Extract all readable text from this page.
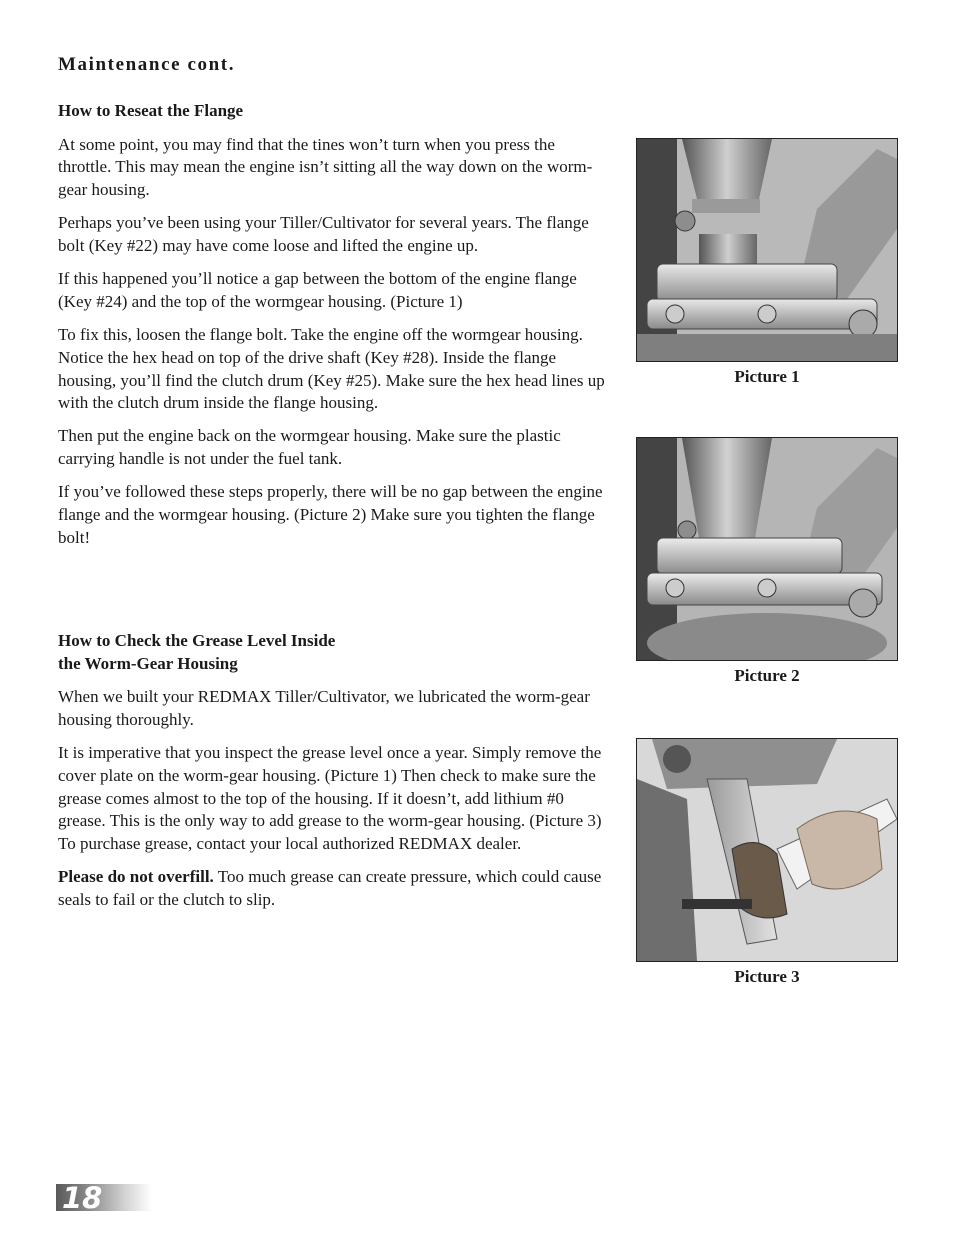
Maintenance cont.
How to Reseat the Flange

At some point, you may find that the tines won’t turn when you press the throttle. This may mean the engine isn’t sitting all the way down on the worm-gear housing.

Perhaps you’ve been using your Tiller/Cultivator for several years. The flange bolt (Key #22) may have come loose and lifted the engine up.

If this happened you’ll notice a gap between the bottom of the engine flange (Key #24) and the top of the wormgear housing. (Picture 1)

To fix this, loosen the flange bolt. Take the engine off the wormgear housing. Notice the hex head on top of the drive shaft (Key #28). Inside the flange housing, you’ll find the clutch drum (Key #25). Make sure the hex head lines up with the clutch drum inside the flange housing.

Then put the engine back on the wormgear housing. Make sure the plastic carrying handle is not under the fuel tank.

If you’ve followed these steps properly, there will be no gap between the engine flange and the wormgear housing. (Picture 2) Make sure you tighten the flange bolt!

How to Check the Grease Level Inside
the Worm-Gear Housing

When we built your REDMAX Tiller/Cultivator, we lubricated the worm-gear housing thoroughly.

It is imperative that you inspect the grease level once a year. Simply remove the cover plate on the worm-gear housing. (Picture 1) Then check to make sure the grease comes almost to the top of the housing. If it doesn’t, add lithium #0 grease. This is the only way to add grease to the worm-gear housing. (Picture 3) To purchase grease, contact your local authorized REDMAX dealer.

Please do not overfill. Too much grease can create pressure, which could cause seals to fail or the clutch to slip.

Picture 1
Picture 2
Picture 3
18
